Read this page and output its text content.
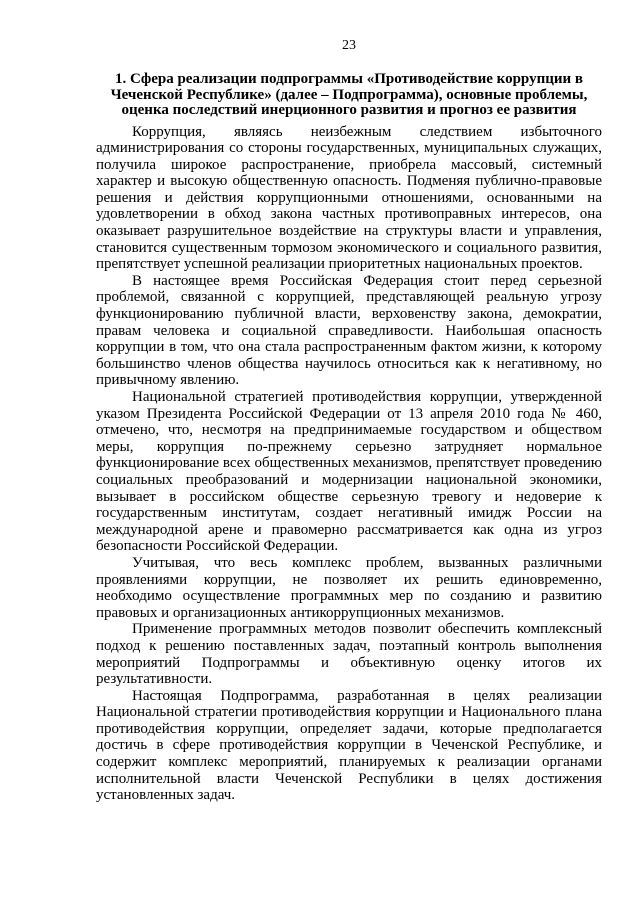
23
1. Сфера реализации подпрограммы «Противодействие коррупции в Чеченской Республике» (далее – Подпрограмма), основные проблемы, оценка последствий инерционного развития и прогноз ее развития

Коррупция, являясь неизбежным следствием избыточного администрирования со стороны государственных, муниципальных служащих, получила широкое распространение, приобрела массовый, системный характер и высокую общественную опасность. Подменяя публично-правовые решения и действия коррупционными отношениями, основанными на удовлетворении в обход закона частных противоправных интересов, она оказывает разрушительное воздействие на структуры власти и управления, становится существенным тормозом экономического и социального развития, препятствует успешной реализации приоритетных национальных проектов.

В настоящее время Российская Федерация стоит перед серьезной проблемой, связанной с коррупцией, представляющей реальную угрозу функционированию публичной власти, верховенству закона, демократии, правам человека и социальной справедливости. Наибольшая опасность коррупции в том, что она стала распространенным фактом жизни, к которому большинство членов общества научилось относиться как к негативному, но привычному явлению.

Национальной стратегией противодействия коррупции, утвержденной указом Президента Российской Федерации от 13 апреля 2010 года № 460, отмечено, что, несмотря на предпринимаемые государством и обществом меры, коррупция по-прежнему серьезно затрудняет нормальное функционирование всех общественных механизмов, препятствует проведению социальных преобразований и модернизации национальной экономики, вызывает в российском обществе серьезную тревогу и недоверие к государственным институтам, создает негативный имидж России на международной арене и правомерно рассматривается как одна из угроз безопасности Российской Федерации.

Учитывая, что весь комплекс проблем, вызванных различными проявлениями коррупции, не позволяет их решить единовременно, необходимо осуществление программных мер по созданию и развитию правовых и организационных антикоррупционных механизмов.

Применение программных методов позволит обеспечить комплексный подход к решению поставленных задач, поэтапный контроль выполнения мероприятий Подпрограммы и объективную оценку итогов их результативности.

Настоящая Подпрограмма, разработанная в целях реализации Национальной стратегии противодействия коррупции и Национального плана противодействия коррупции, определяет задачи, которые предполагается достичь в сфере противодействия коррупции в Чеченской Республике, и содержит комплекс мероприятий, планируемых к реализации органами исполнительной власти Чеченской Республики в целях достижения установленных задач.
